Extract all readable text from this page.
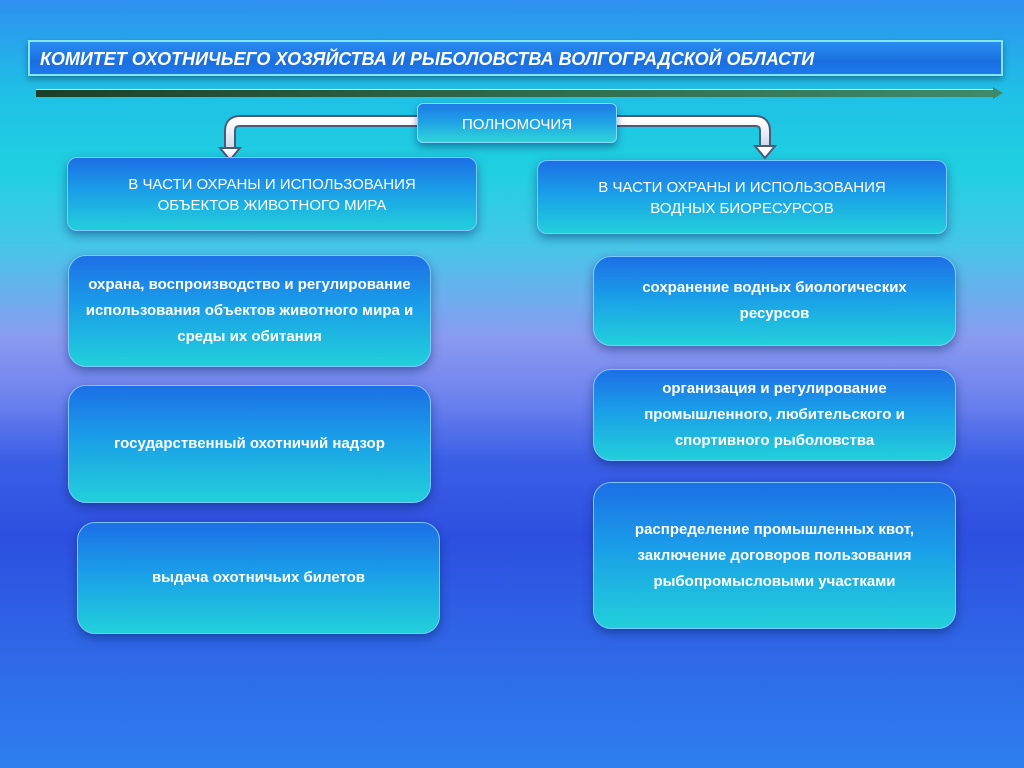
КОМИТЕТ ОХОТНИЧЬЕГО ХОЗЯЙСТВА И РЫБОЛОВСТВА ВОЛГОГРАДСКОЙ ОБЛАСТИ
ПОЛНОМОЧИЯ
В ЧАСТИ ОХРАНЫ И ИСПОЛЬЗОВАНИЯ ОБЪЕКТОВ ЖИВОТНОГО МИРА
В ЧАСТИ ОХРАНЫ И ИСПОЛЬЗОВАНИЯ ВОДНЫХ БИОРЕСУРСОВ
охрана, воспроизводство и регулирование использования объектов животного мира и среды их обитания
государственный охотничий надзор
выдача охотничьих билетов
сохранение водных биологических ресурсов
организация и регулирование промышленного, любительского и спортивного рыболовства
распределение промышленных квот, заключение договоров пользования рыбопромысловыми участками
